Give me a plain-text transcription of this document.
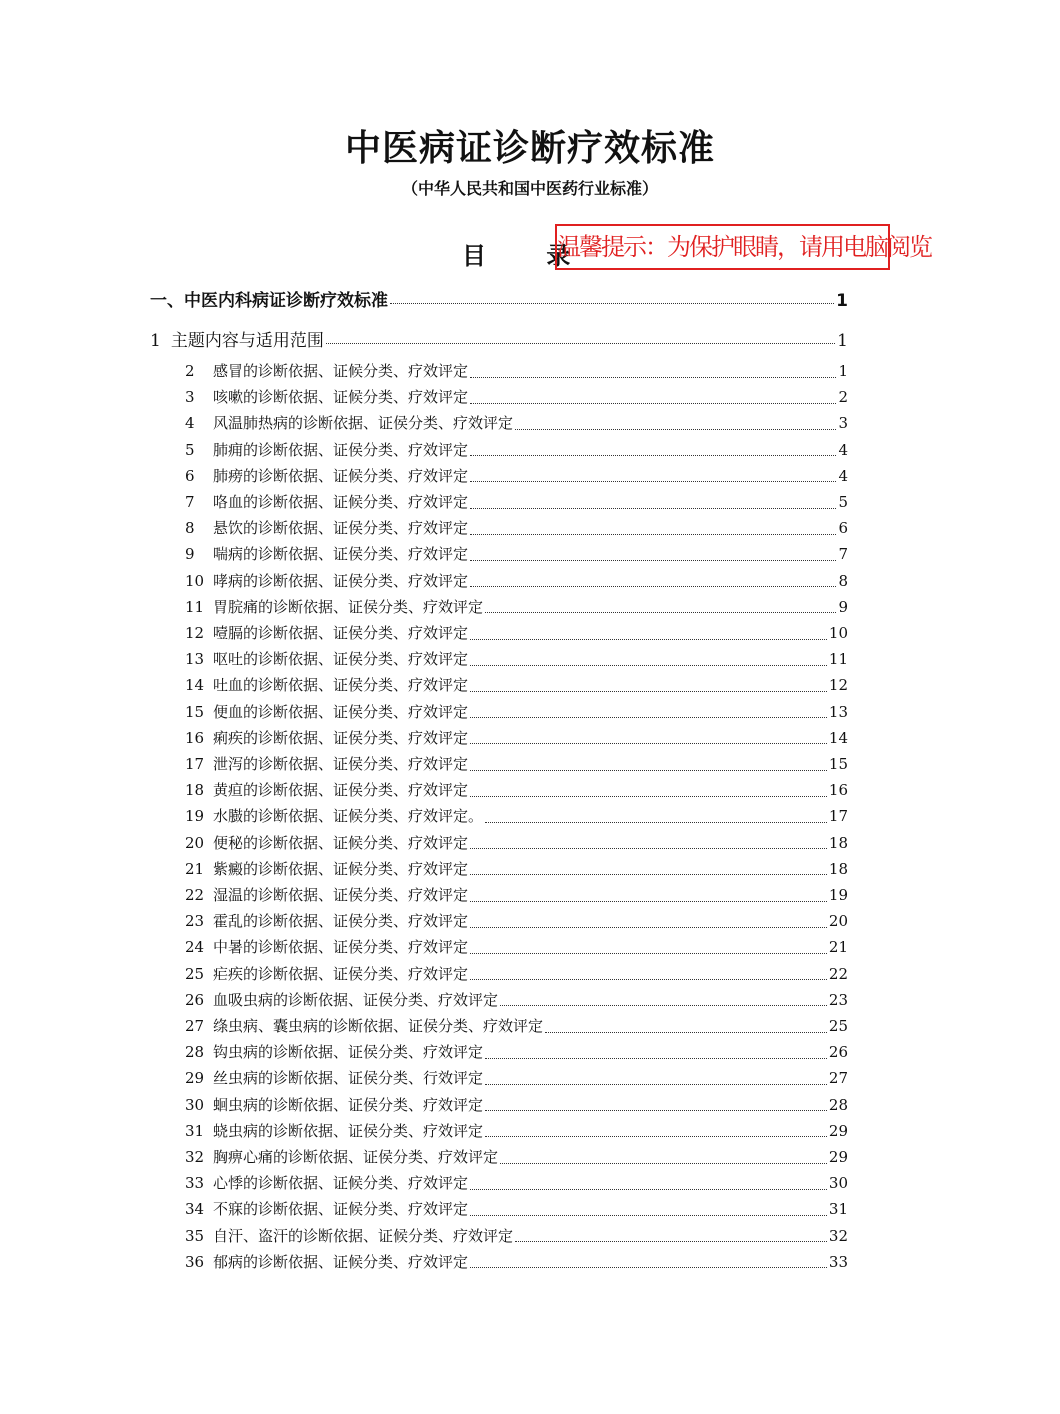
中医病证诊断疗效标准
（中华人民共和国中医药行业标准）
目 录
温馨提示：为保护眼睛，请用电脑阅览
一、中医内科病证诊断疗效标准	1
1 主题内容与适用范围	1
2	感冒的诊断依据、证候分类、疗效评定	1
3	咳嗽的诊断依据、证候分类、疗效评定	2
4	风温肺热病的诊断依据、证侯分类、疗效评定	3
5	肺痈的诊断依据、证侯分类、疗效评定	4
6	肺痨的诊断依据、证候分类、疗效评定	4
7	咯血的诊断依据、证候分类、疗效评定	5
8	悬饮的诊断依据、证侯分类、疗效评定	6
9	喘病的诊断依据、证侯分类、疗效评定	7
10 哮病的诊断依据、证侯分类、疗效评定	8
11 胃脘痛的诊断依据、证侯分类、疗效评定	9
12 噎膈的诊断依据、证侯分类、疗效评定	10
13 呕吐的诊断依据、证侯分类、疗效评定	11
14 吐血的诊断依据、证侯分类、疗效评定	12
15 便血的诊断依据、证侯分类、疗效评定	13
16 痢疾的诊断依据、证侯分类、疗效评定	14
17 泄泻的诊断依据、证侯分类、疗效评定	15
18 黄疸的诊断依据、证侯分类、疗效评定	16
19 水臌的诊断依据、证候分类、疗效评定。	17
20 便秘的诊断依据、证候分类、疗效评定	18
21 紫癜的诊断依据、证候分类、疗效评定	18
22 湿温的诊断依据、证侯分类、疗效评定	19
23 霍乱的诊断依据、证侯分类、疗效评定	20
24 中暑的诊断依据、证侯分类、疗效评定	21
25 疟疾的诊断依据、证侯分类、疗效评定	22
26 血吸虫病的诊断依据、证侯分类、疗效评定	23
27 绦虫病、囊虫病的诊断依据、证侯分类、疗效评定	25
28 钩虫病的诊断依据、证侯分类、疗效评定	26
29 丝虫病的诊断依据、证侯分类、行效评定	27
30 蛔虫病的诊断依据、证侯分类、疗效评定	28
31 蛲虫病的诊断依据、证侯分类、疗效评定	29
32 胸痹心痛的诊断依据、证侯分类、疗效评定	29
33 心悸的诊断依据、证候分类、疗效评定	30
34 不寐的诊断依据、证候分类、疗效评定	31
35 自汗、盗汗的诊断依据、证候分类、疗效评定	32
36 郁病的诊断依据、证候分类、疗效评定	33
